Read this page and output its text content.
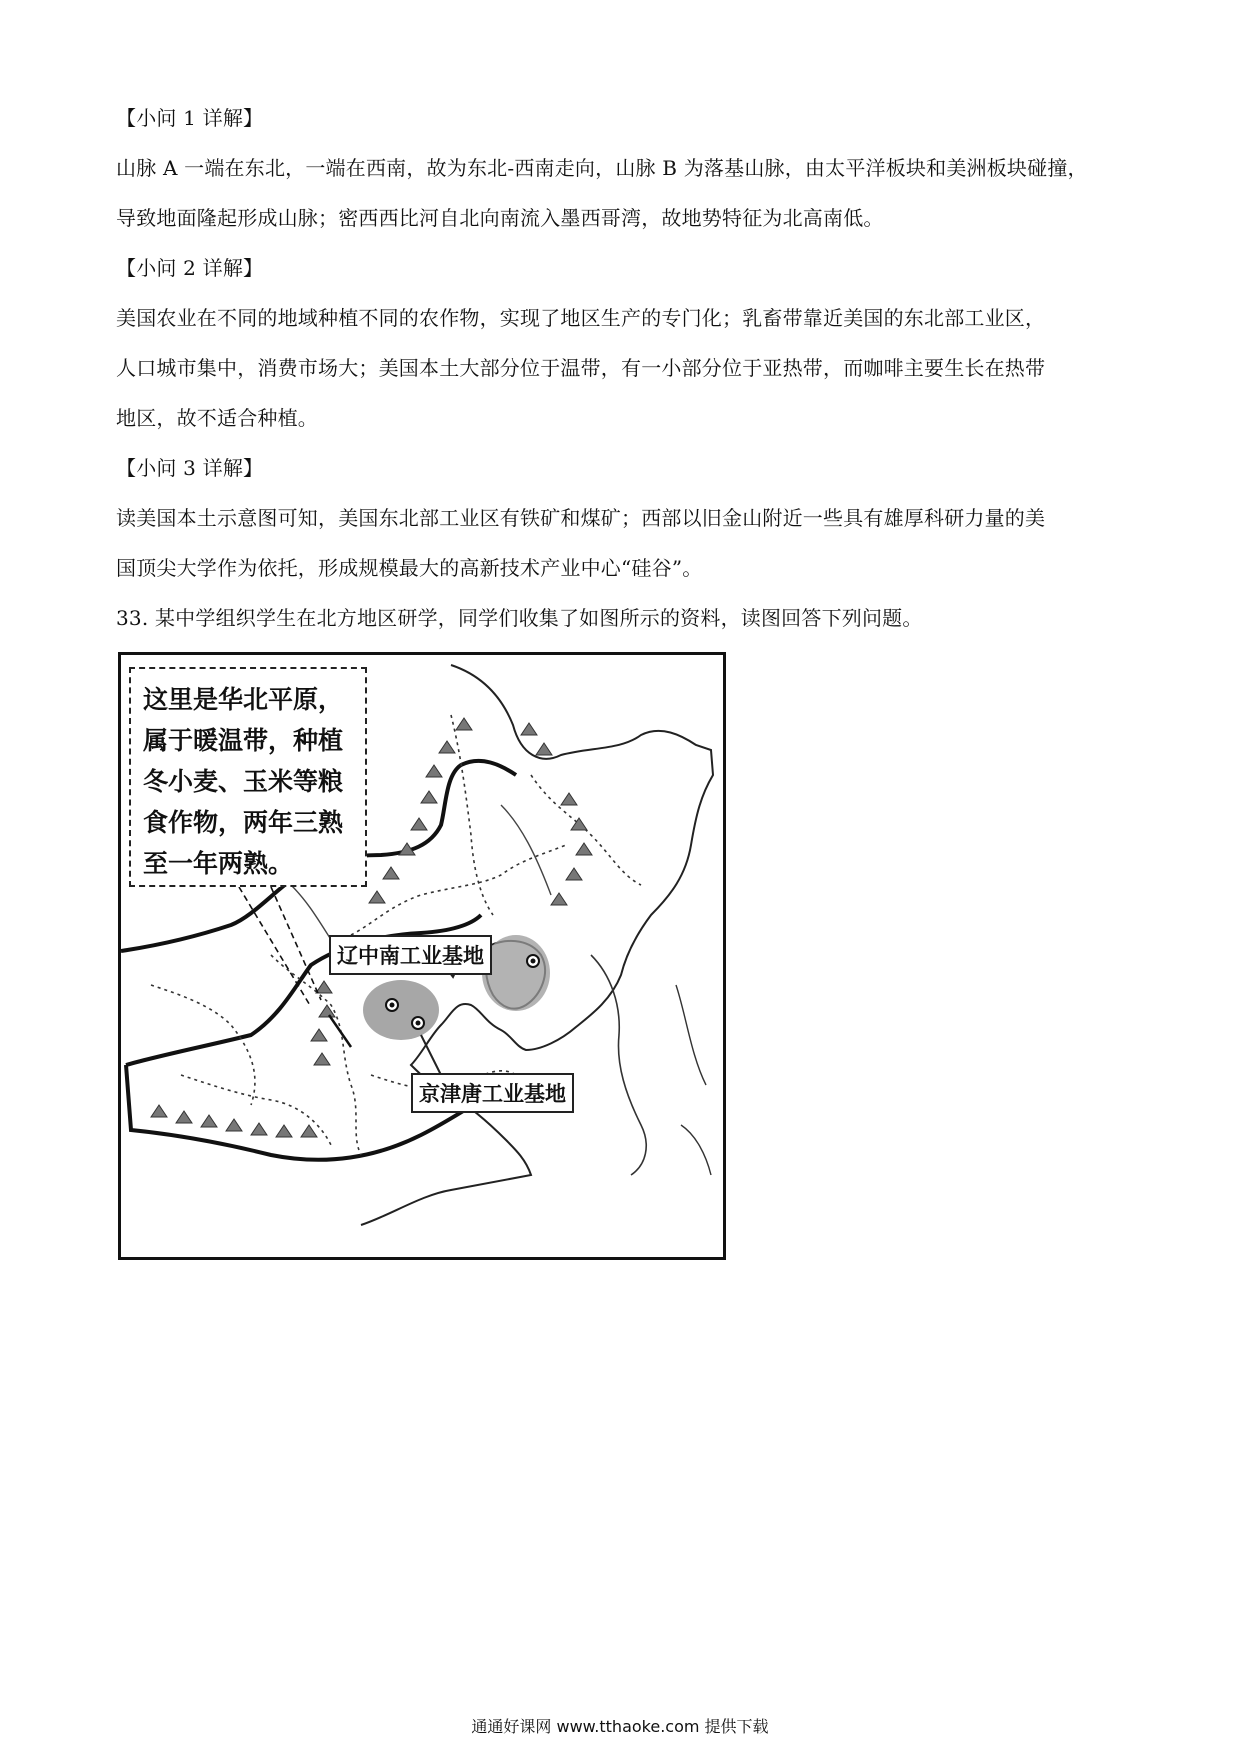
【小问 1 详解】
山脉 A 一端在东北，一端在西南，故为东北-西南走向，山脉 B 为落基山脉，由太平洋板块和美洲板块碰撞，
导致地面隆起形成山脉；密西西比河自北向南流入墨西哥湾，故地势特征为北高南低。
【小问 2 详解】
美国农业在不同的地域种植不同的农作物，实现了地区生产的专门化；乳畜带靠近美国的东北部工业区，
人口城市集中，消费市场大；美国本土大部分位于温带，有一小部分位于亚热带，而咖啡主要生长在热带
地区，故不适合种植。
【小问 3 详解】
读美国本土示意图可知，美国东北部工业区有铁矿和煤矿；西部以旧金山附近一些具有雄厚科研力量的美
国顶尖大学作为依托，形成规模最大的高新技术产业中心“硅谷”。
33. 某中学组织学生在北方地区研学，同学们收集了如图所示的资料，读图回答下列问题。
这里是华北平原，
属于暖温带，种植
冬小麦、玉米等粮
食作物，两年三熟
至一年两熟。
辽中南工业基地
京津唐工业基地
通通好课网 www.tthaoke.com 提供下载
